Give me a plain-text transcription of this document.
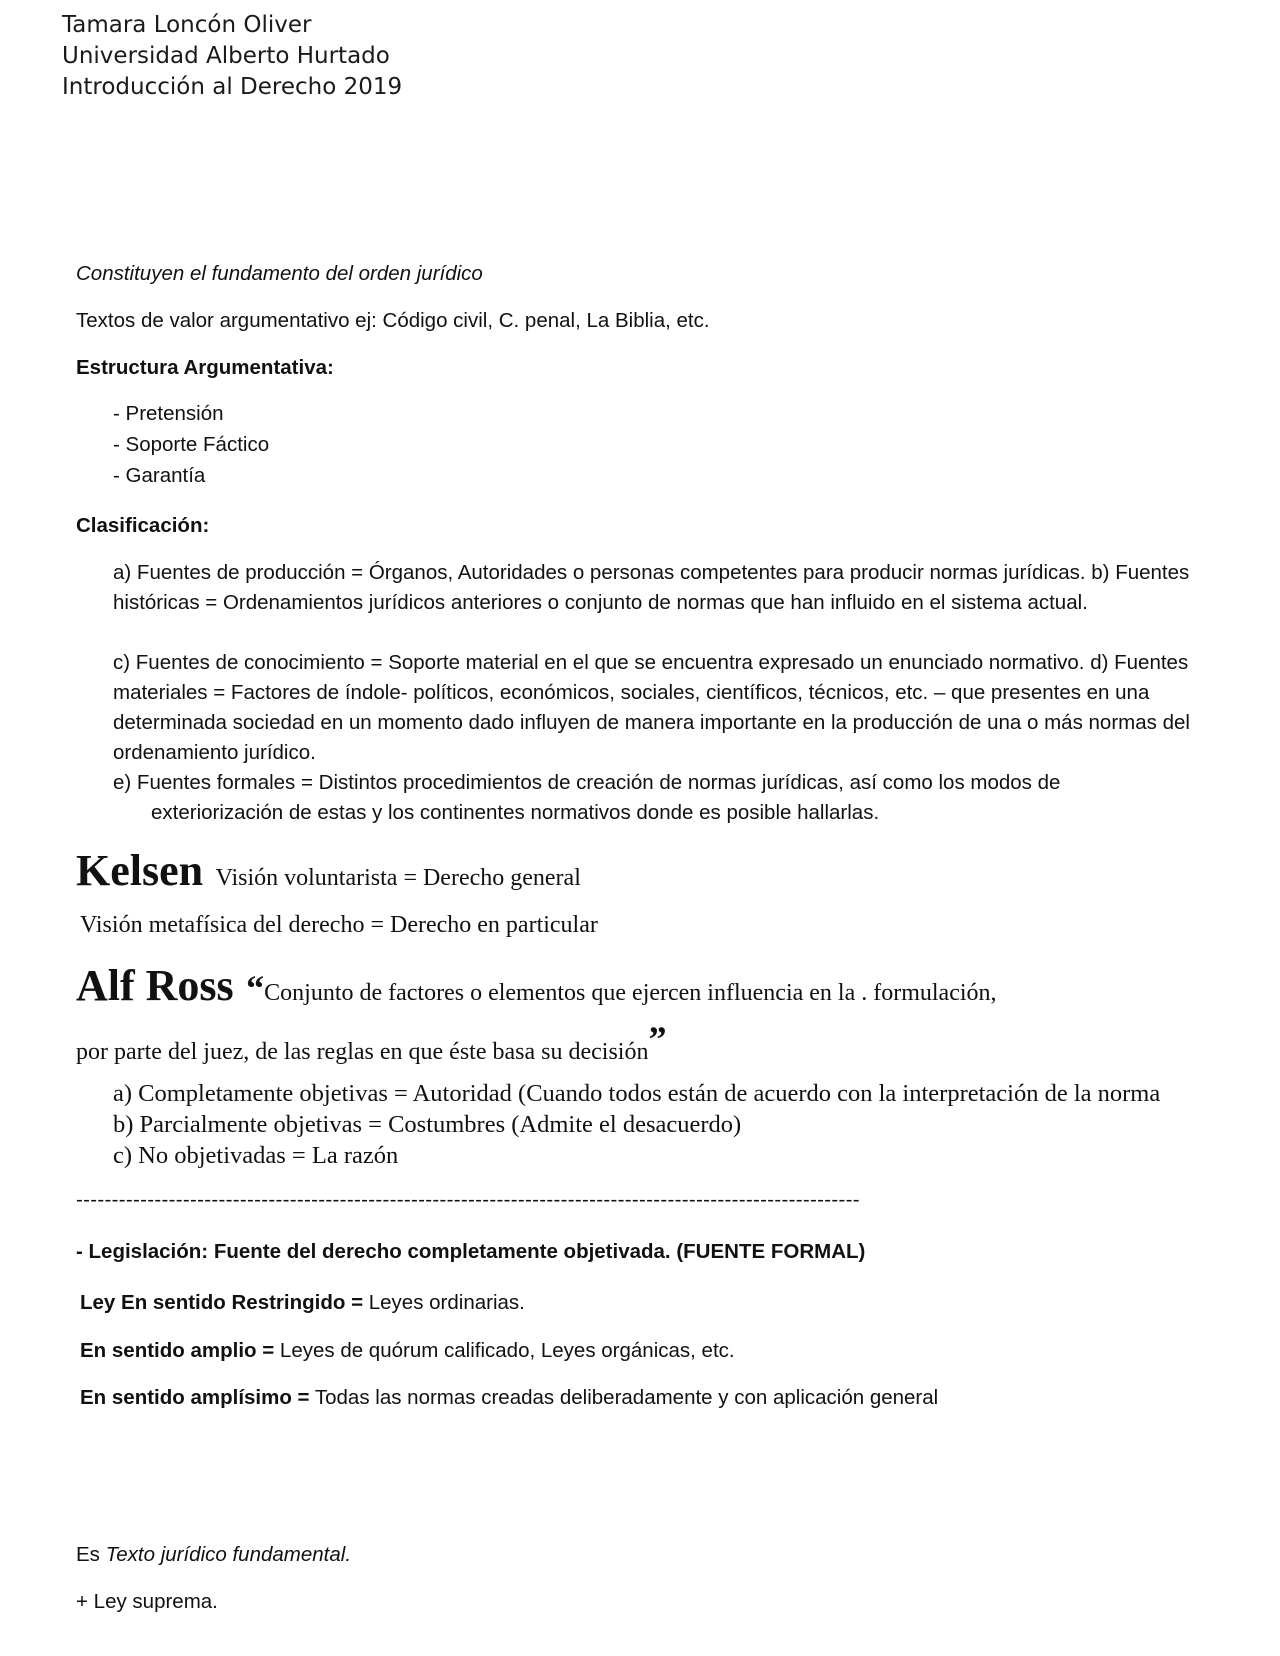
Tamara Loncón Oliver
Universidad Alberto Hurtado
Introducción al Derecho 2019
Constituyen el fundamento del orden jurídico
Textos de valor argumentativo ej: Código civil, C. penal, La Biblia, etc.
Estructura Argumentativa:
- Pretensión
- Soporte Fáctico
- Garantía
Clasificación:
a) Fuentes de producción = Órganos, Autoridades o personas competentes para producir normas jurídicas. b) Fuentes históricas = Ordenamientos jurídicos anteriores o conjunto de normas que han influido en el sistema actual.
c) Fuentes de conocimiento = Soporte material en el que se encuentra expresado un enunciado normativo. d) Fuentes materiales = Factores de índole- políticos, económicos, sociales, científicos, técnicos, etc. – que presentes en una determinada sociedad en un momento dado influyen de manera importante en la producción de una o más normas del ordenamiento jurídico.
e) Fuentes formales = Distintos procedimientos de creación de normas jurídicas, así como los modos de
exteriorización de estas y los continentes normativos donde es posible hallarlas.
Kelsen Visión voluntarista = Derecho general
Visión metafísica del derecho = Derecho en particular
Alf Ross “Conjunto de factores o elementos que ejercen influencia en la . formulación,
por parte del juez, de las reglas en que éste basa su decisión”
a) Completamente objetivas = Autoridad (Cuando todos están de acuerdo con la interpretación de la norma
b) Parcialmente objetivas = Costumbres (Admite el desacuerdo)
c) No objetivadas = La razón
--------------------------------------------------------------------------------------------------------------
- Legislación: Fuente del derecho completamente objetivada. (FUENTE FORMAL)
Ley En sentido Restringido = Leyes ordinarias.
En sentido amplio = Leyes de quórum calificado, Leyes orgánicas, etc.
En sentido amplísimo = Todas las normas creadas deliberadamente y con aplicación general
Es Texto jurídico fundamental.
+ Ley suprema.
